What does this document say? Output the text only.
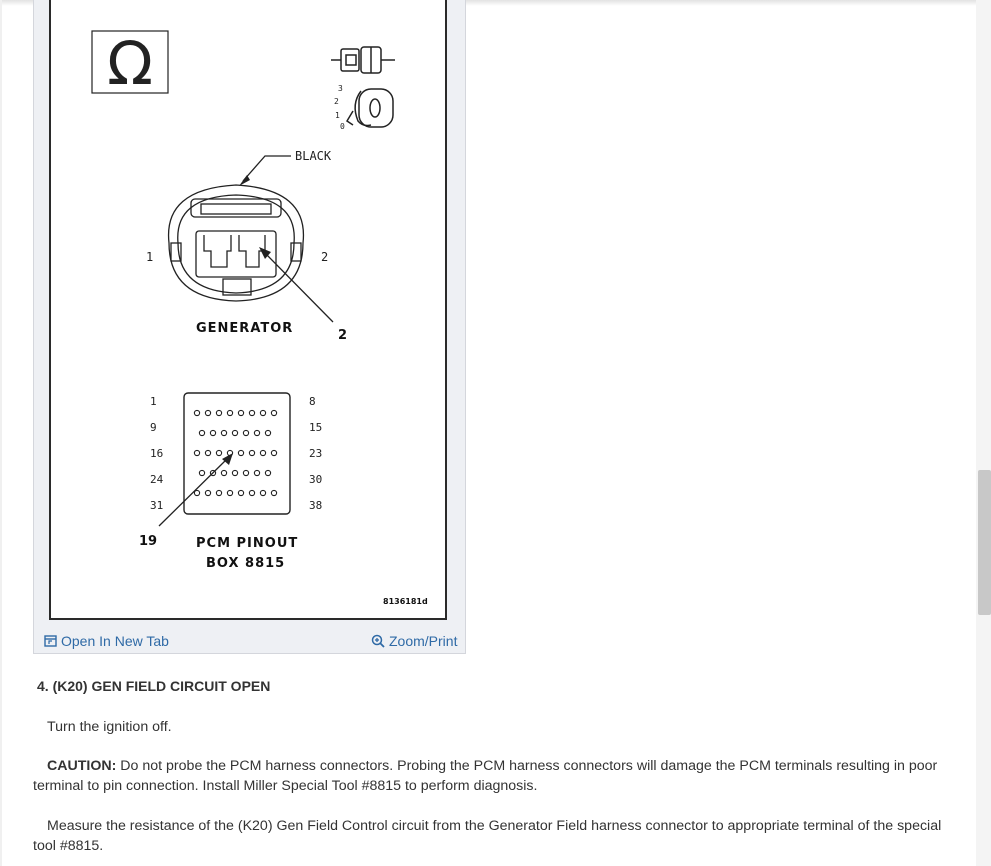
Ω	3
2
1
0
BLACK
1	2
2
GENERATOR
1
9
16
24
31
8
15
23
30
38
19	PCM PINOUT
BOX 8815
8136181d
Open In New Tab	Zoom/Print
4. (K20) GEN FIELD CIRCUIT OPEN

Turn the ignition off.

CAUTION: Do not probe the PCM harness connectors. Probing the PCM harness connectors will damage the PCM terminals resulting in poor terminal to pin connection. Install Miller Special Tool #8815 to perform diagnosis.

Measure the resistance of the (K20) Gen Field Control circuit from the Generator Field harness connector to appropriate terminal of the special tool #8815.
